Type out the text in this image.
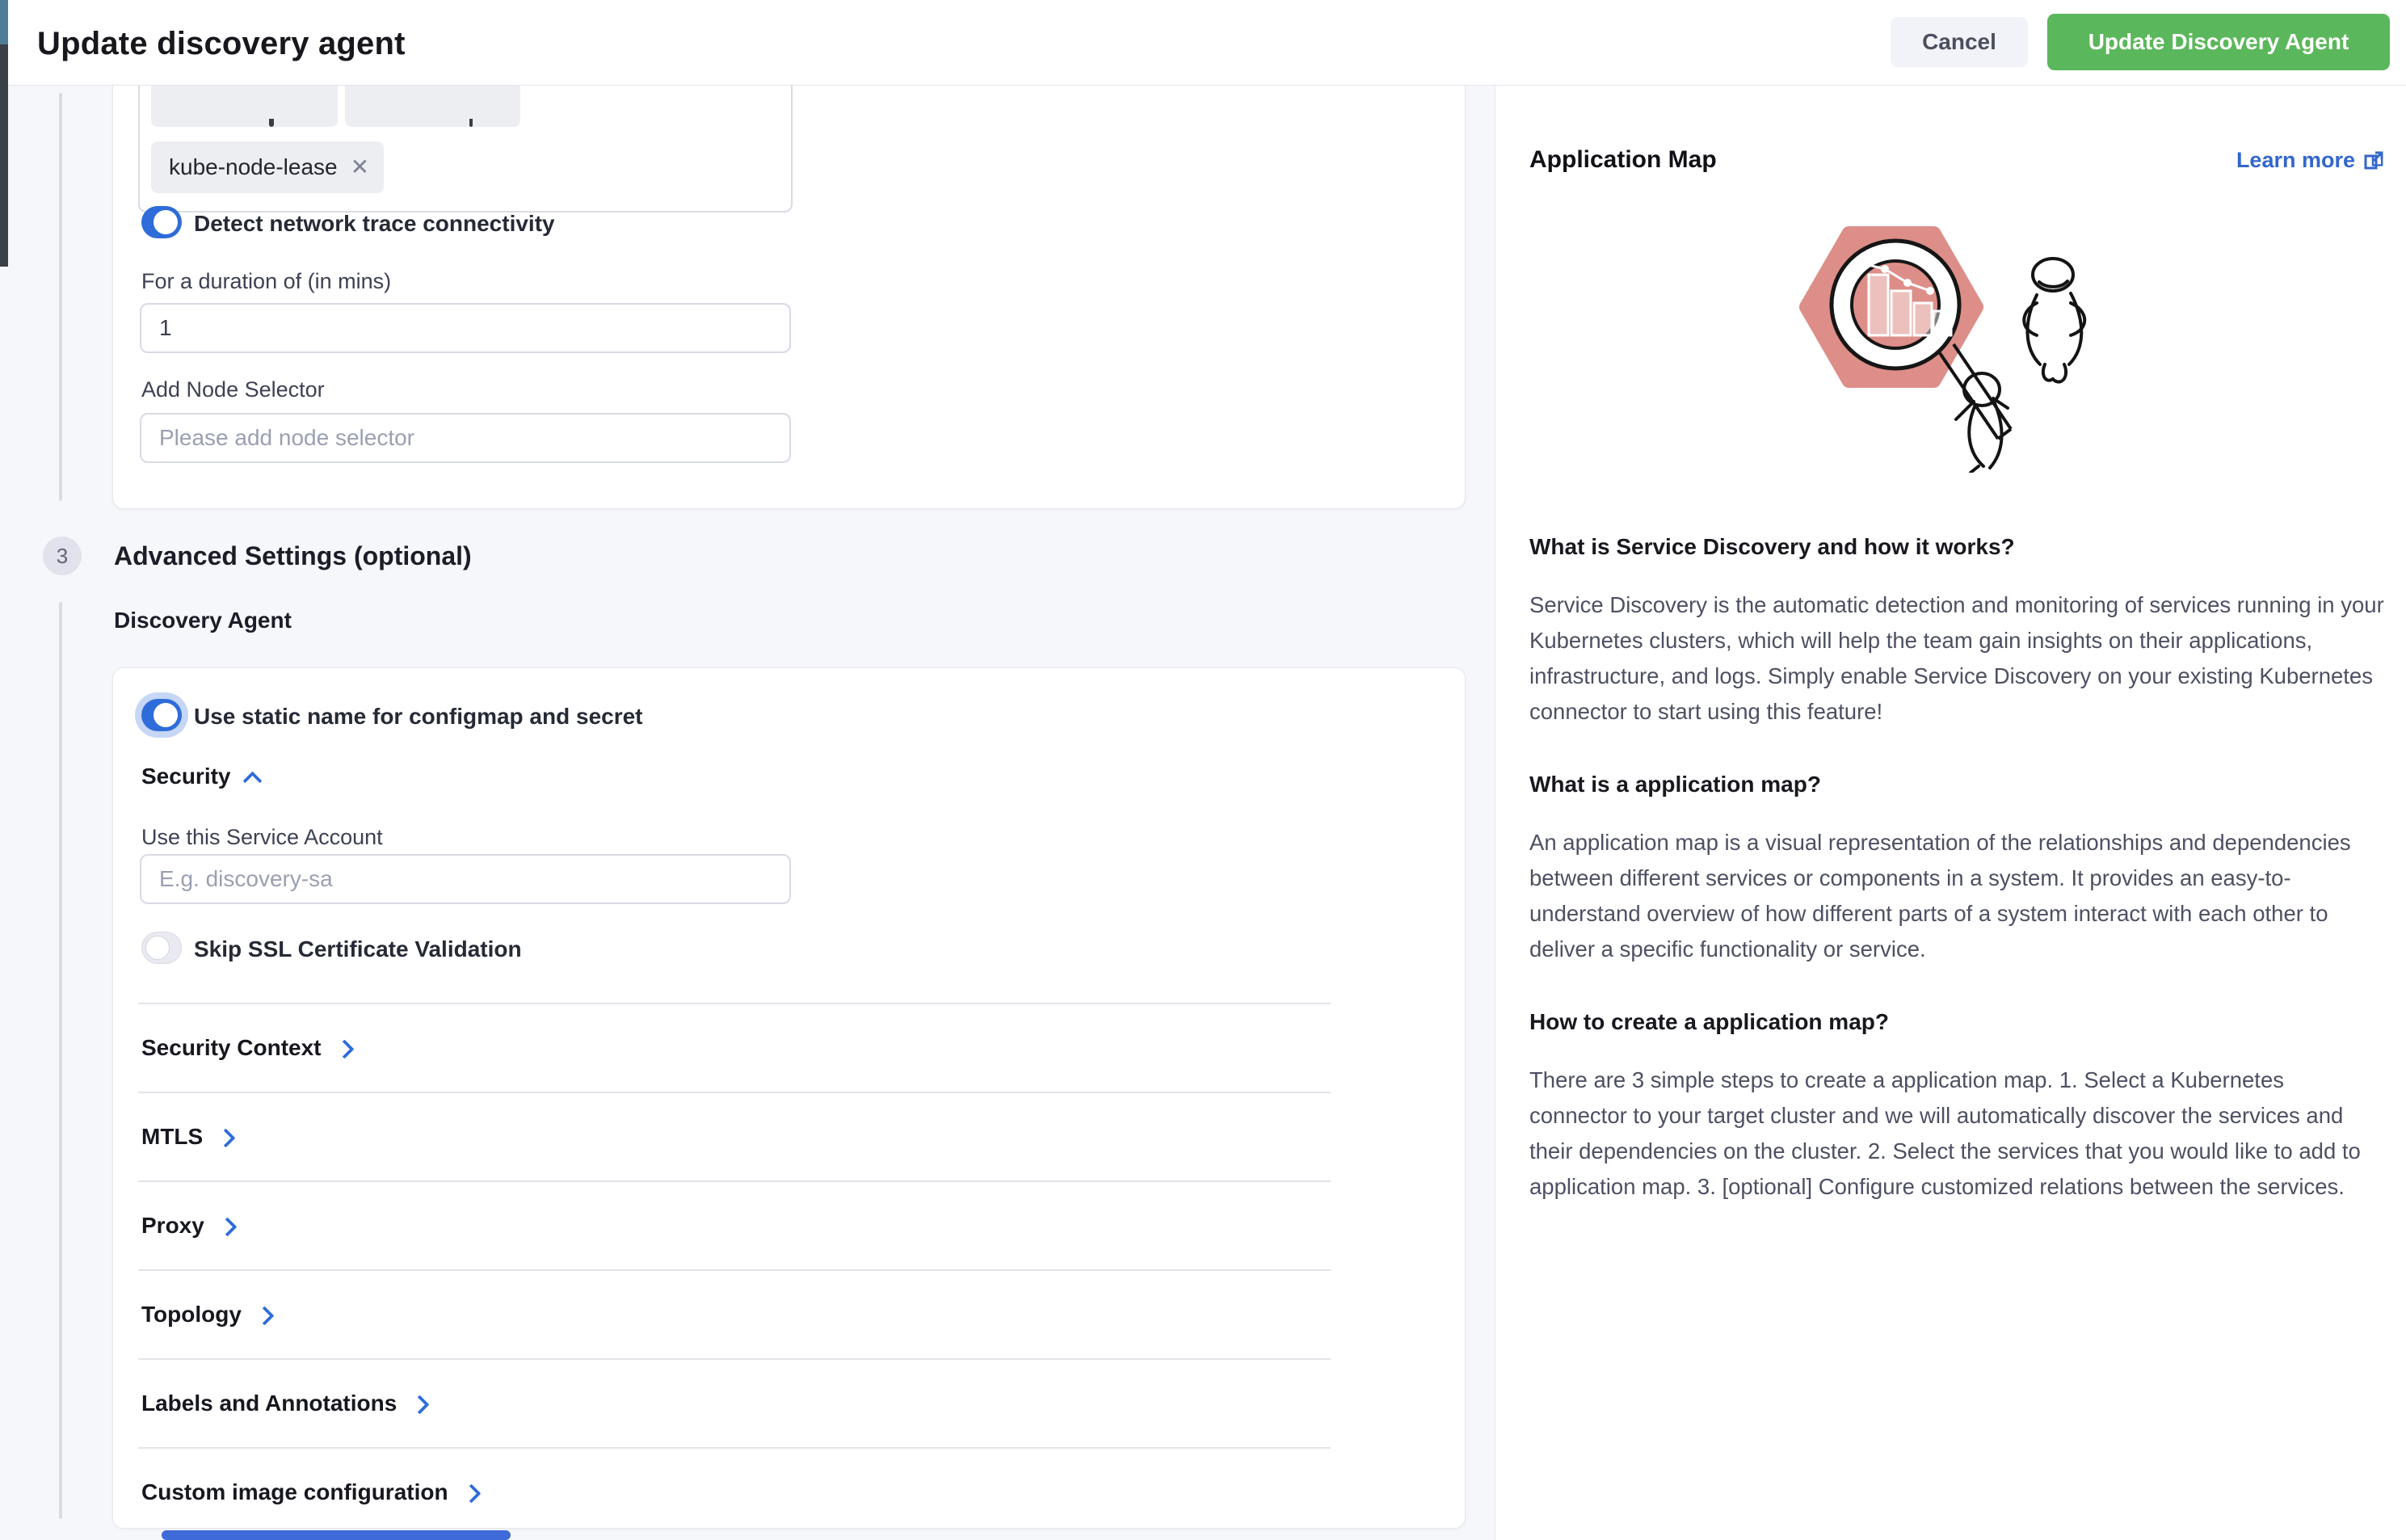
kube-node-lease ✕
Detect network trace connectivity
For a duration of (in mins)
1
Add Node Selector
Please add node selector
3	Advanced Settings (optional)
Discovery Agent
Use static name for configmap and secret
Security
Use this Service Account
E.g. discovery-sa
Skip SSL Certificate Validation
Security Context
MTLS
Proxy
Topology
Labels and Annotations
Custom image configuration
Application Map	Learn more
What is Service Discovery and how it works?

Service Discovery is the automatic detection and monitoring of services running in your Kubernetes clusters, which will help the team gain insights on their applications, infrastructure, and logs. Simply enable Service Discovery on your existing Kubernetes connector to start using this feature!

What is a application map?

An application map is a visual representation of the relationships and dependencies between different services or components in a system. It provides an easy-to-understand overview of how different parts of a system interact with each other to deliver a specific functionality or service.

How to create a application map?

There are 3 simple steps to create a application map. 1. Select a Kubernetes connector to your target cluster and we will automatically discover the services and their dependencies on the cluster. 2. Select the services that you would like to add to application map. 3. [optional] Configure customized relations between the services.

Update discovery agent	Cancel	Update Discovery Agent
